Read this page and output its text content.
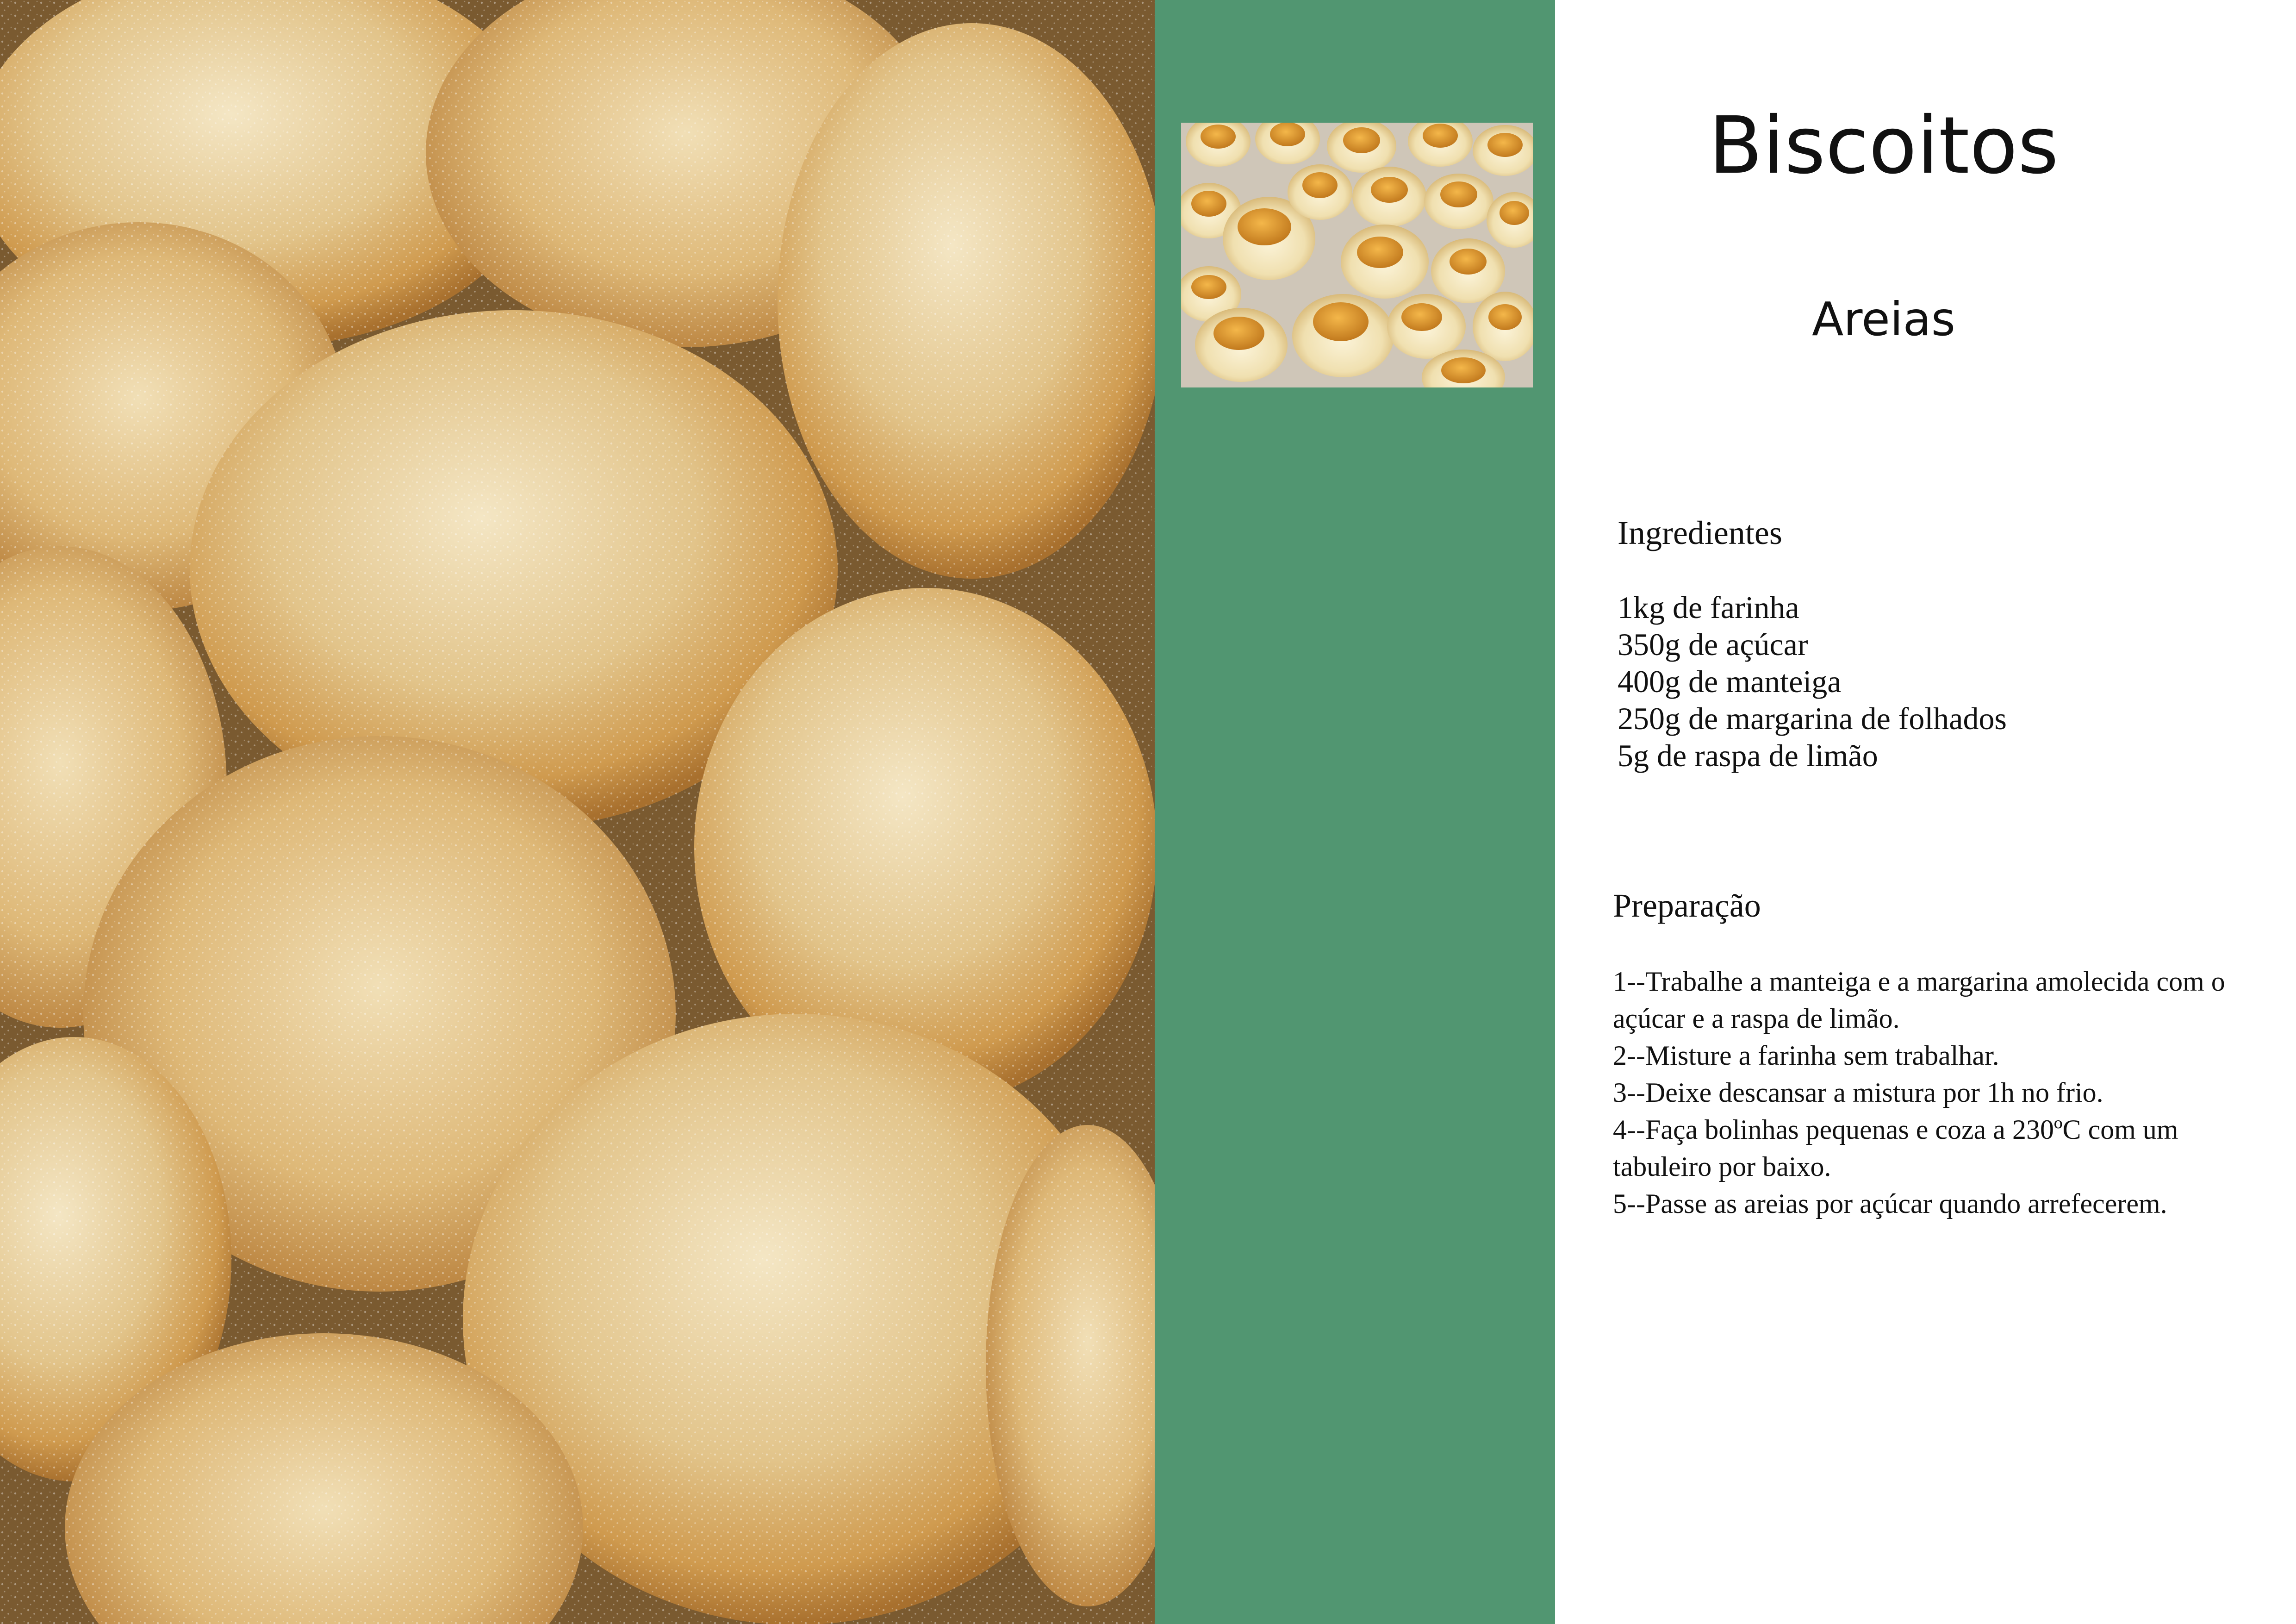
Biscoitos
Areias
Ingredientes
1kg de farinha
350g de açúcar
400g de manteiga
250g de margarina de folhados
5g de raspa de limão
Preparação
1--Trabalhe a manteiga e a margarina amolecida com o
açúcar e a raspa de limão.
2--Misture a farinha sem trabalhar.
3--Deixe descansar a mistura por 1h no frio.
4--Faça bolinhas pequenas e coza a 230ºC com um
tabuleiro por baixo.
5--Passe as areias por açúcar quando arrefecerem.
